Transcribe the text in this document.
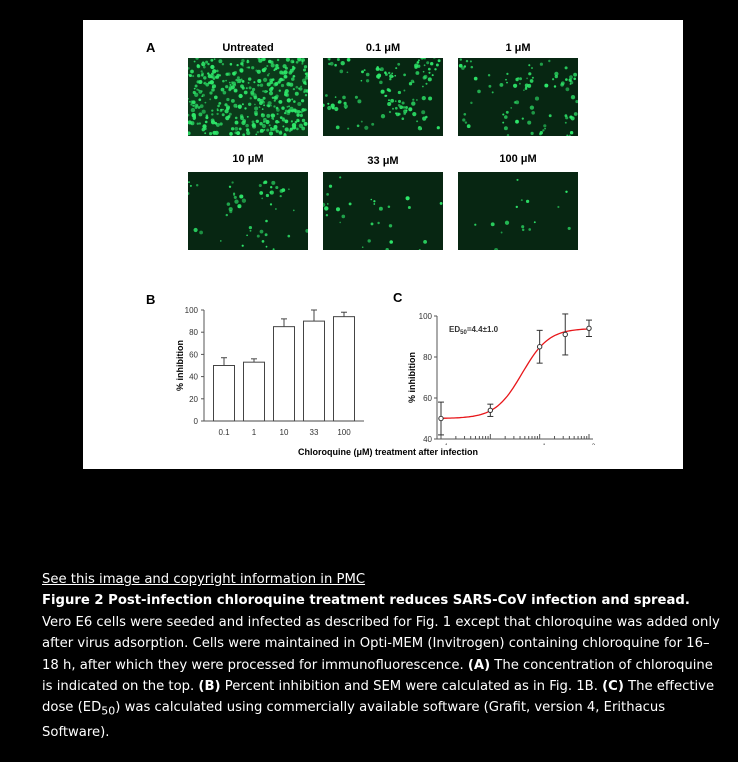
A	Untreated	0.1 μM	1 μM
10 μM	33 μM	100 μM
B	C
0
20
40
60
80
100
% inhibition
0.1	1	10	33 100
40
60
80
100
% inhibition
$ED_{50}=4.4\pm 1.0$
Chloroquine (μM) treatment after infection
See this image and copyright information in PMC
Figure 2 Post-infection chloroquine treatment reduces SARS-CoV infection and spread.
Vero E6 cells were seeded and infected as described for Fig. 1 except that chloroquine was added only after virus adsorption. Cells were maintained in Opti-MEM (Invitrogen) containing chloroquine for 16–18 h, after which they were processed for immunofluorescence. (A) The concentration of chloroquine is indicated on the top. (B) Percent inhibition and SEM were calculated as in Fig. 1B. (C) The effective dose $(ED_{50})$ was calculated using commercially available software (Grafit, version 4, Erithacus Software).
